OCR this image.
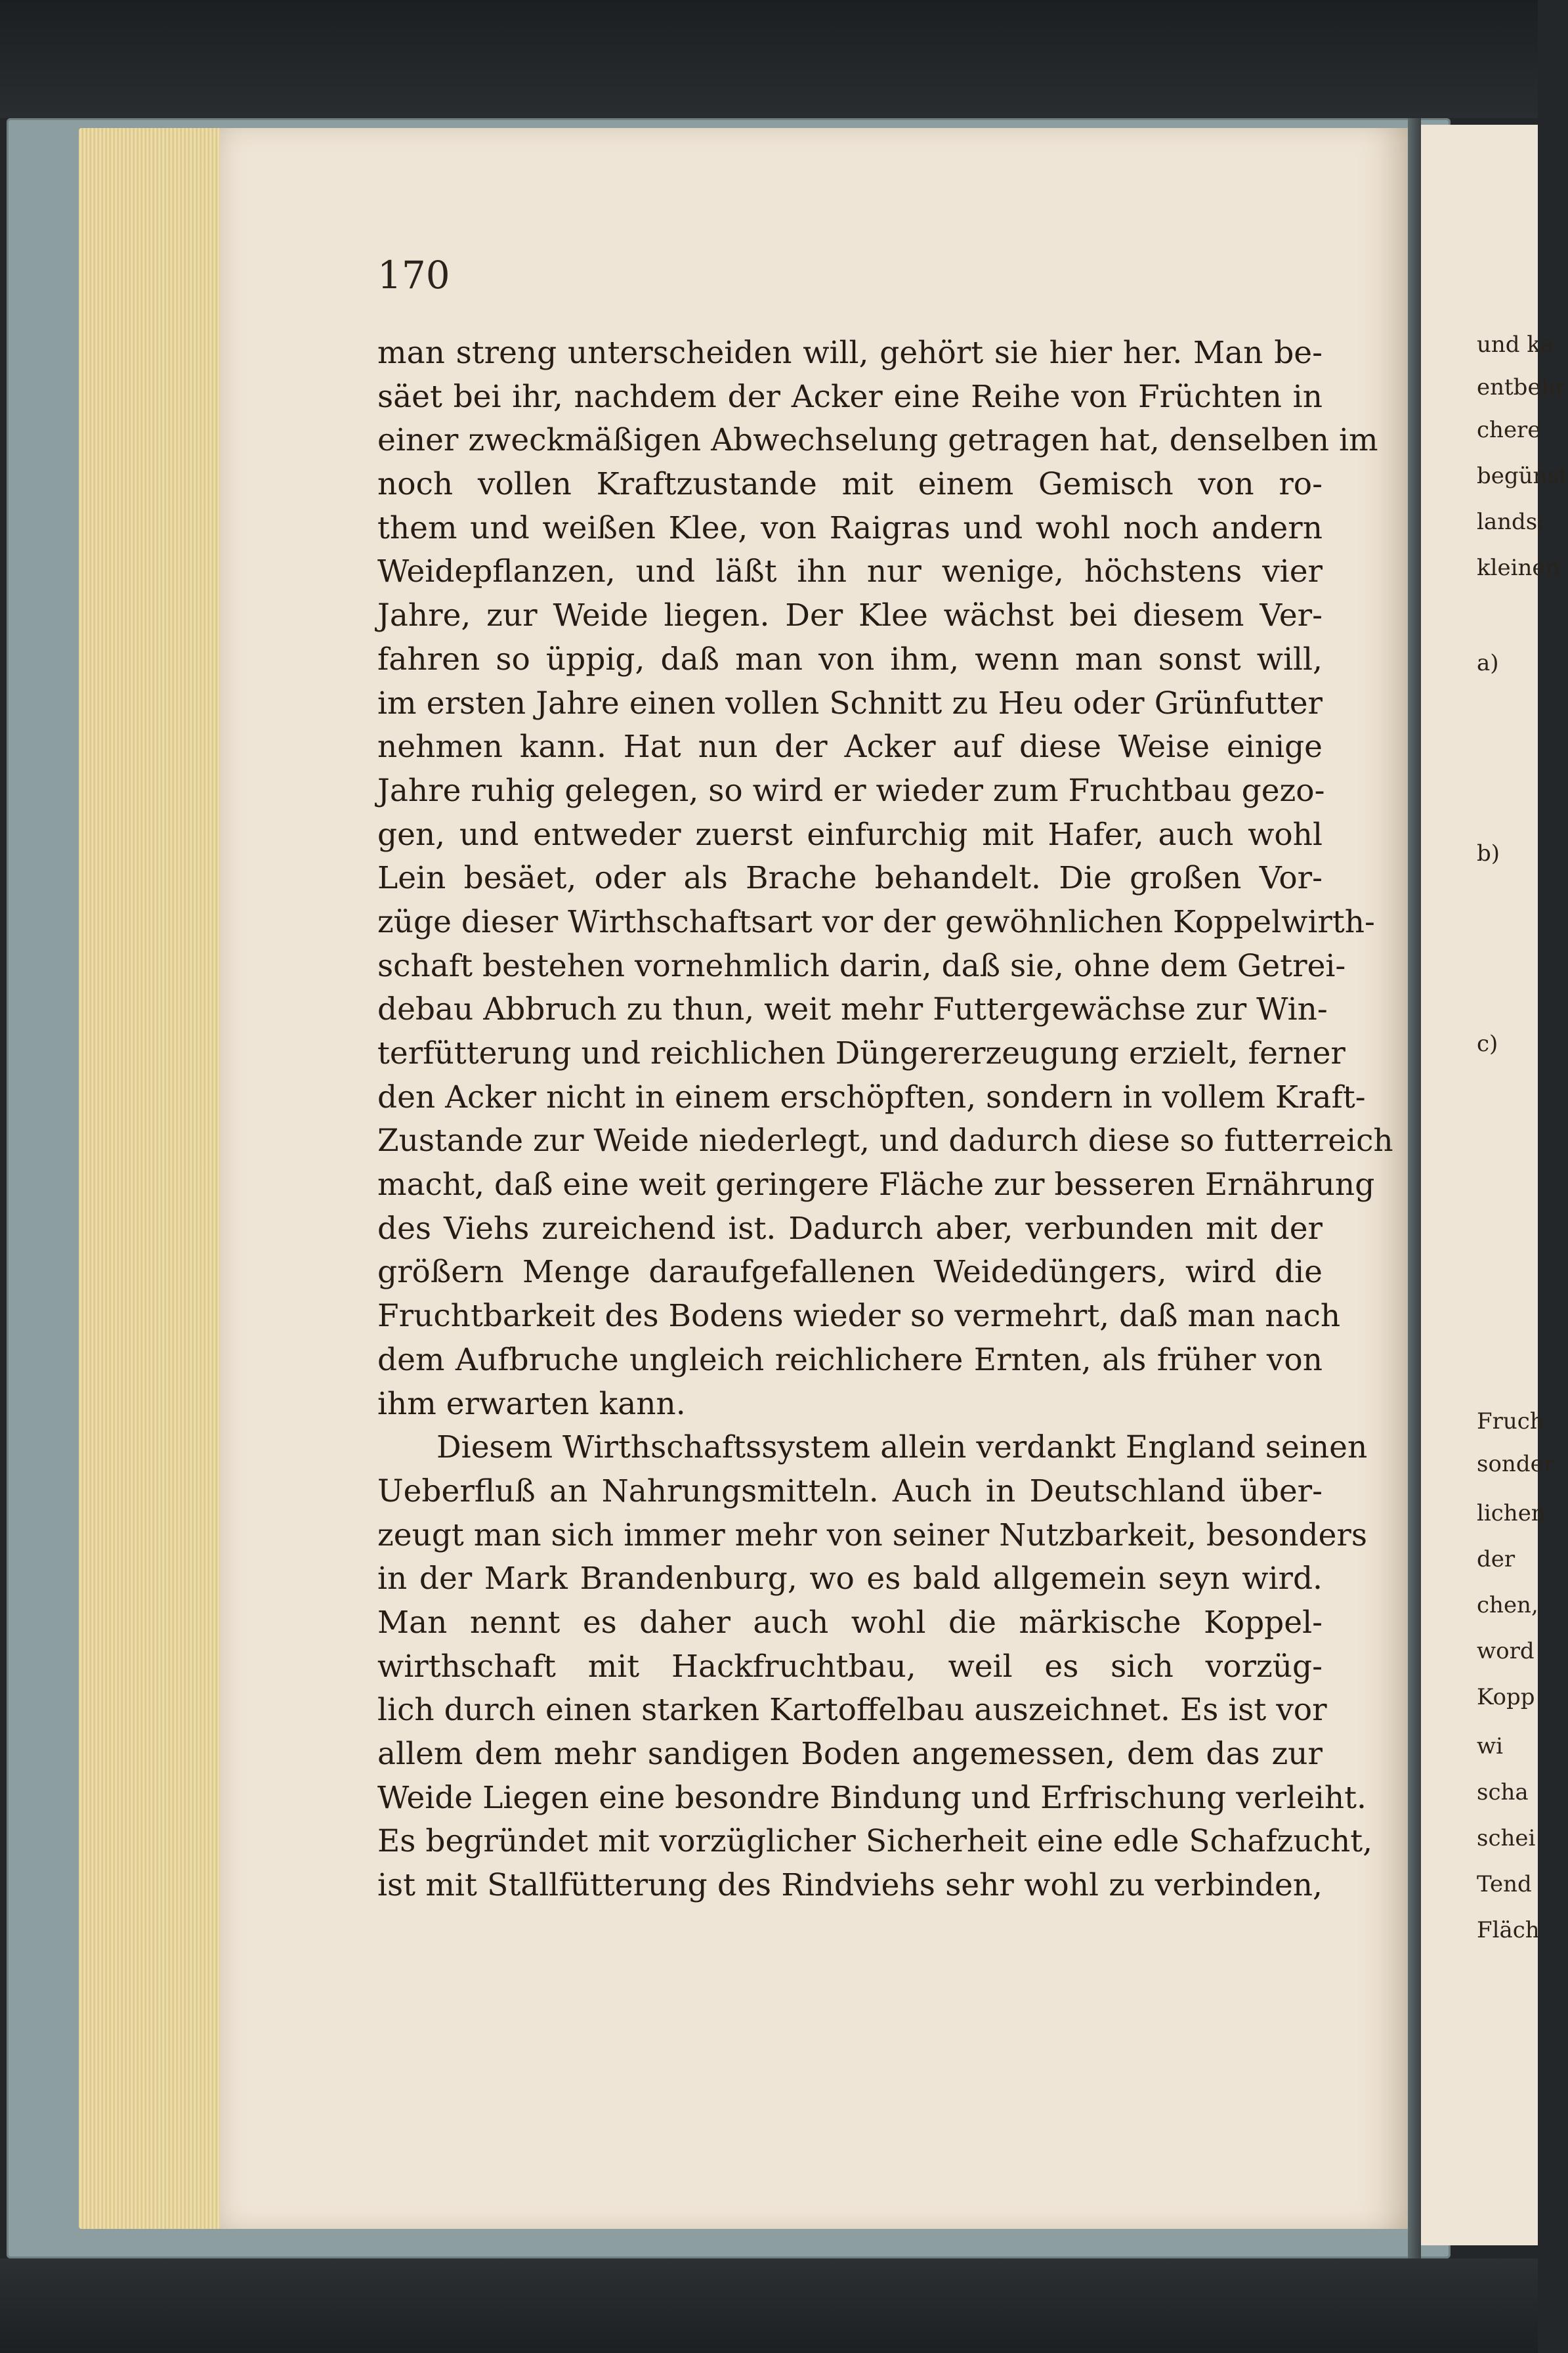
170
man streng unterscheiden will, gehört sie hier her. Man be-
säet bei ihr, nachdem der Acker eine Reihe von Früchten in
einer zweckmäßigen Abwechselung getragen hat, denselben im
noch vollen Kraftzustande mit einem Gemisch von ro-
them und weißen Klee, von Raigras und wohl noch andern
Weidepflanzen, und läßt ihn nur wenige, höchstens vier
Jahre, zur Weide liegen. Der Klee wächst bei diesem Ver-
fahren so üppig, daß man von ihm, wenn man sonst will,
im ersten Jahre einen vollen Schnitt zu Heu oder Grünfutter
nehmen kann. Hat nun der Acker auf diese Weise einige
Jahre ruhig gelegen, so wird er wieder zum Fruchtbau gezo-
gen, und entweder zuerst einfurchig mit Hafer, auch wohl
Lein besäet, oder als Brache behandelt. Die großen Vor-
züge dieser Wirthschaftsart vor der gewöhnlichen Koppelwirth-
schaft bestehen vornehmlich darin, daß sie, ohne dem Getrei-
debau Abbruch zu thun, weit mehr Futtergewächse zur Win-
terfütterung und reichlichen Düngererzeugung erzielt, ferner
den Acker nicht in einem erschöpften, sondern in vollem Kraft-
Zustande zur Weide niederlegt, und dadurch diese so futterreich
macht, daß eine weit geringere Fläche zur besseren Ernährung
des Viehs zureichend ist. Dadurch aber, verbunden mit der
größern Menge daraufgefallenen Weidedüngers, wird die
Fruchtbarkeit des Bodens wieder so vermehrt, daß man nach
dem Aufbruche ungleich reichlichere Ernten, als früher von
ihm erwarten kann.
Diesem Wirthschaftssystem allein verdankt England seinen
Ueberfluß an Nahrungsmitteln. Auch in Deutschland über-
zeugt man sich immer mehr von seiner Nutzbarkeit, besonders
in der Mark Brandenburg, wo es bald allgemein seyn wird.
Man nennt es daher auch wohl die märkische Koppel-
wirthschaft mit Hackfruchtbau, weil es sich vorzüg-
lich durch einen starken Kartoffelbau auszeichnet. Es ist vor
allem dem mehr sandigen Boden angemessen, dem das zur
Weide Liegen eine besondre Bindung und Erfrischung verleiht.
Es begründet mit vorzüglicher Sicherheit eine edle Schafzucht,
ist mit Stallfütterung des Rindviehs sehr wohl zu verbinden,
und ka
entbehr
chere
begünst
lands;
kleinen
a)
b)
c)
Fruch
sonder
lichen
der
chen,
word
Kopp
wi
scha
schei
Tend
Fläch
